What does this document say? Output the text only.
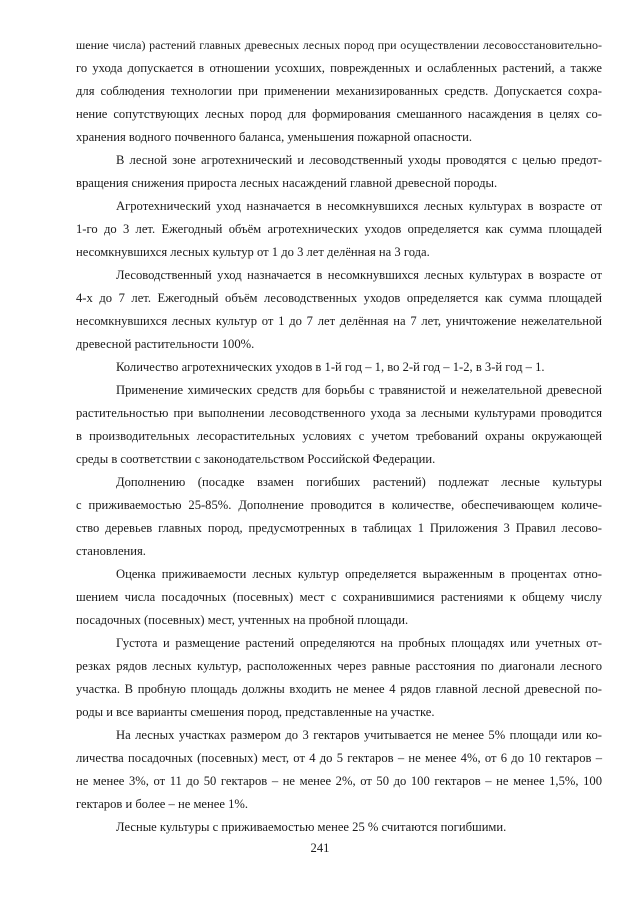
шение числа) растений главных древесных лесных пород при осуществлении лесовосстановительно-
го ухода допускается в отношении усохших, поврежденных и ослабленных растений, а также
для соблюдения технологии при применении механизированных средств. Допускается сохра-
нение сопутствующих лесных пород для формирования смешанного насаждения в целях со-
хранения водного почвенного баланса, уменьшения пожарной опасности.
В лесной зоне агротехнический и лесоводственный уходы проводятся с целью предот-
вращения снижения прироста лесных насаждений главной древесной породы.
Агротехнический уход назначается в несомкнувшихся лесных культурах в возрасте от
1-го до 3 лет. Ежегодный объём агротехнических уходов определяется как сумма площадей
несомкнувшихся лесных культур от 1 до 3 лет делённая на 3 года.
Лесоводственный уход назначается в несомкнувшихся лесных культурах в возрасте от
4-х до 7 лет. Ежегодный объём лесоводственных уходов определяется как сумма площадей
несомкнувшихся лесных культур от 1 до 7 лет делённая на 7 лет, уничтожение нежелательной
древесной растительности 100%.
Количество агротехнических уходов в 1-й год – 1, во 2-й год – 1-2, в 3-й год – 1.
Применение химических средств для борьбы с травянистой и нежелательной древесной
растительностью при выполнении лесоводственного ухода за лесными культурами проводится
в производительных лесорастительных условиях с учетом требований охраны окружающей
среды в соответствии с законодательством Российской Федерации.
Дополнению (посадке взамен погибших растений) подлежат лесные культуры
с приживаемостью 25-85%. Дополнение проводится в количестве, обеспечивающем количе-
ство деревьев главных пород, предусмотренных в таблицах 1 Приложения 3 Правил лесово-
становления.
Оценка приживаемости лесных культур определяется выраженным в процентах отно-
шением числа посадочных (посевных) мест с сохранившимися растениями к общему числу
посадочных (посевных) мест, учтенных на пробной площади.
Густота и размещение растений определяются на пробных площадях или учетных от-
резках рядов лесных культур, расположенных через равные расстояния по диагонали лесного
участка. В пробную площадь должны входить не менее 4 рядов главной лесной древесной по-
роды и все варианты смешения пород, представленные на участке.
На лесных участках размером до 3 гектаров учитывается не менее 5% площади или ко-
личества посадочных (посевных) мест, от 4 до 5 гектаров – не менее 4%, от 6 до 10 гектаров –
не менее 3%, от 11 до 50 гектаров – не менее 2%, от 50 до 100 гектаров – не менее 1,5%, 100
гектаров и более – не менее 1%.
Лесные культуры с приживаемостью менее 25 % считаются погибшими.
241
